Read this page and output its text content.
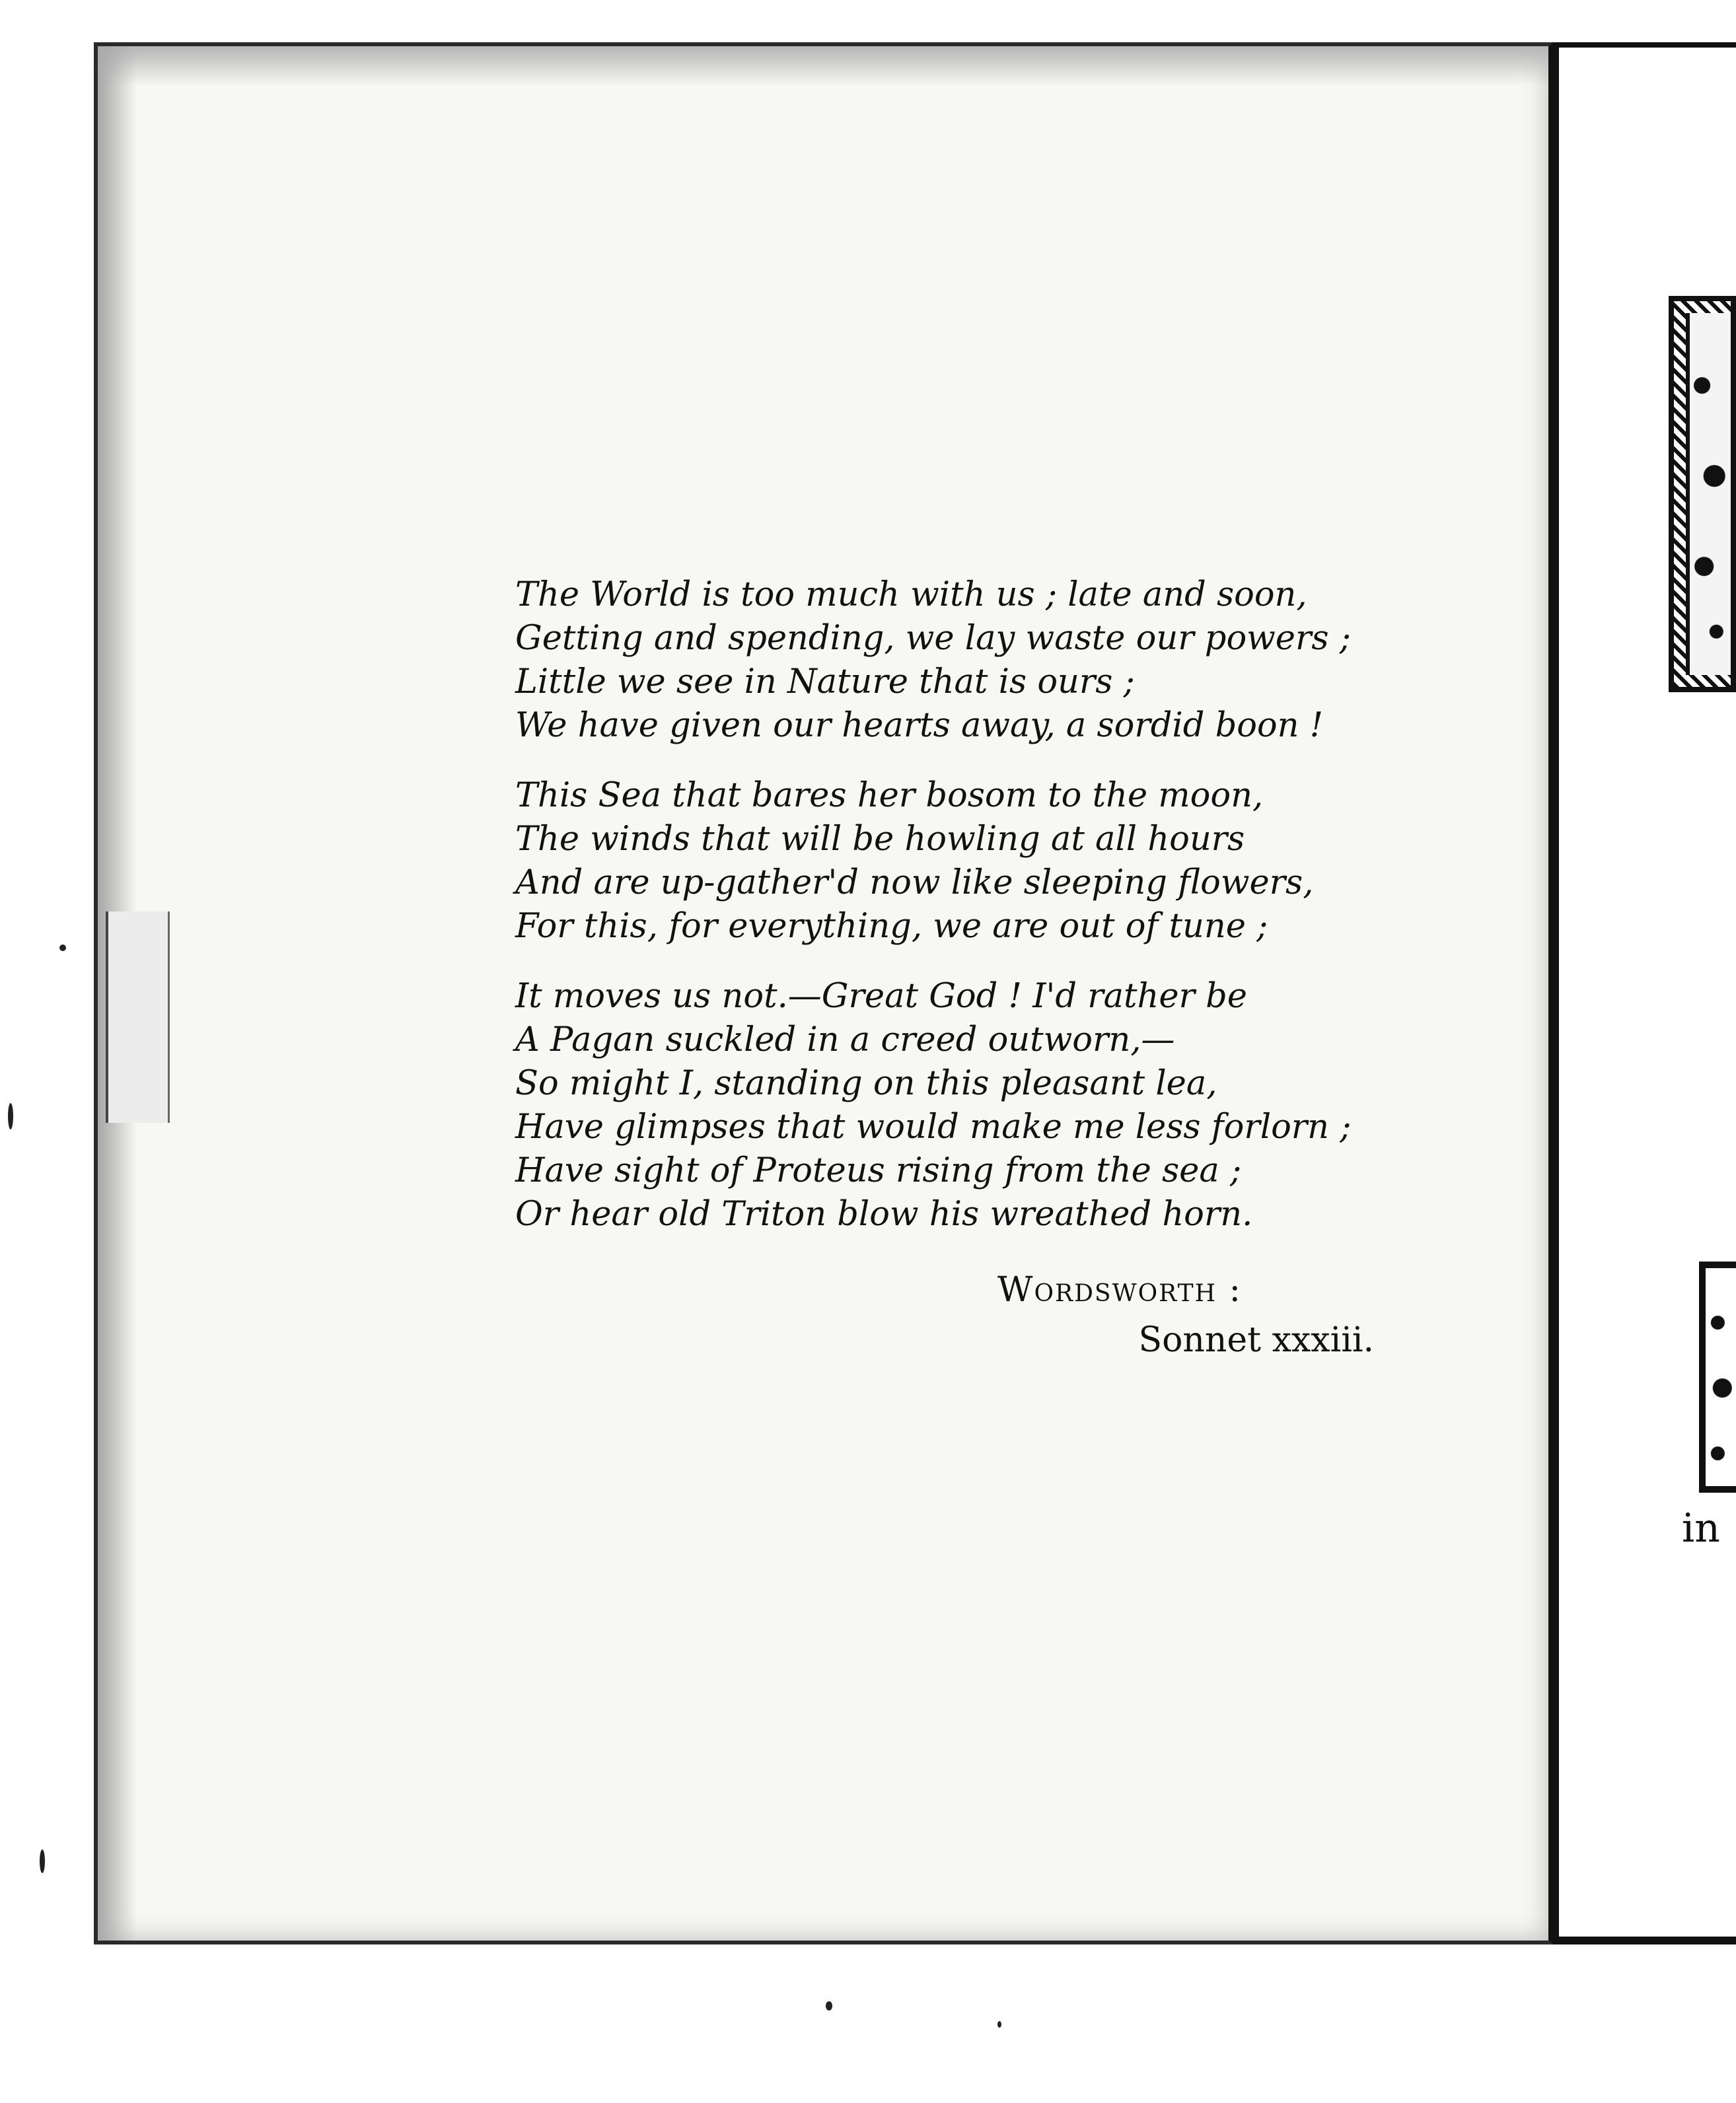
in
The World is too much with us ; late and soon,
Getting and spending, we lay waste our powers ;
Little we see in Nature that is ours ;
We have given our hearts away, a sordid boon !
This Sea that bares her bosom to the moon,
The winds that will be howling at all hours
And are up-gather'd now like sleeping flowers,
For this, for everything, we are out of tune ;
It moves us not.—Great God ! I'd rather be
A Pagan suckled in a creed outworn,—
So might I, standing on this pleasant lea,
Have glimpses that would make me less forlorn ;
Have sight of Proteus rising from the sea ;
Or hear old Triton blow his wreathed horn.
Wordsworth :
Sonnet xxxiii.
